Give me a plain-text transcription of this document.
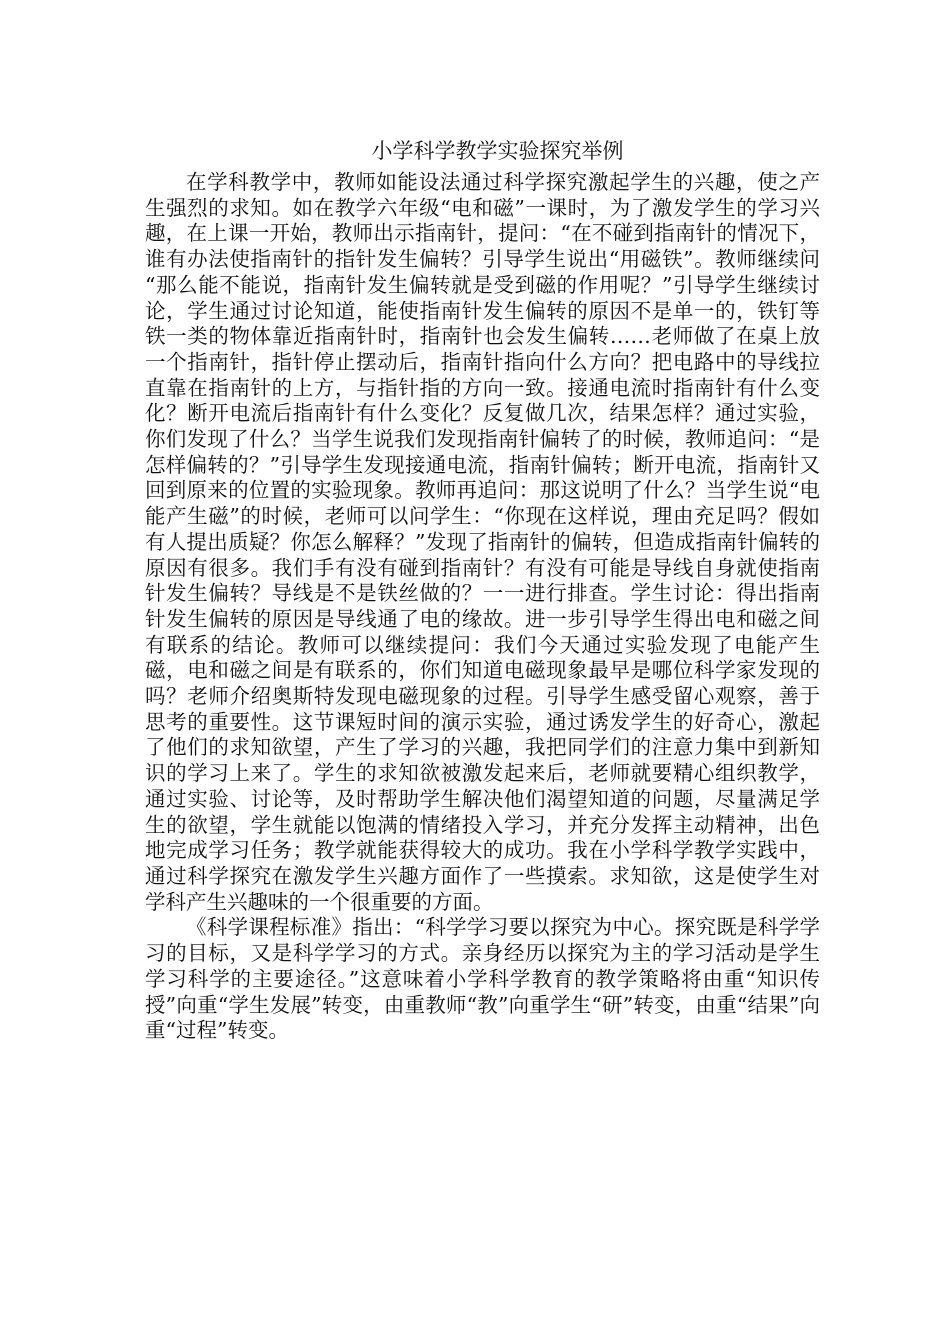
小学科学教学实验探究举例

在学科教学中，教师如能设法通过科学探究激起学生的兴趣，使之产生强烈的求知。如在教学六年级“电和磁”一课时，为了激发学生的学习兴趣，在上课一开始，教师出示指南针，提问：“在不碰到指南针的情况下，谁有办法使指南针的指针发生偏转？引导学生说出“用磁铁”。教师继续问 “那么能不能说，指南针发生偏转就是受到磁的作用呢？”引导学生继续讨论，学生通过讨论知道，能使指南针发生偏转的原因不是单一的，铁钉等铁一类的物体靠近指南针时，指南针也会发生偏转……老师做了在桌上放一个指南针，指针停止摆动后，指南针指向什么方向？把电路中的导线拉直靠在指南针的上方，与指针指的方向一致。接通电流时指南针有什么变化？断开电流后指南针有什么变化？反复做几次，结果怎样？通过实验，你们发现了什么？当学生说我们发现指南针偏转了的时候，教师追问：“是怎样偏转的？”引导学生发现接通电流，指南针偏转；断开电流，指南针又回到原来的位置的实验现象。教师再追问：那这说明了什么？当学生说“电能产生磁”的时候，老师可以问学生：“你现在这样说，理由充足吗？假如有人提出质疑？你怎么解释？”发现了指南针的偏转，但造成指南针偏转的原因有很多。我们手有没有碰到指南针？有没有可能是导线自身就使指南针发生偏转？导线是不是铁丝做的？一一进行排查。学生讨论：得出指南针发生偏转的原因是导线通了电的缘故。进一步引导学生得出电和磁之间有联系的结论。教师可以继续提问：我们今天通过实验发现了电能产生磁，电和磁之间是有联系的，你们知道电磁现象最早是哪位科学家发现的吗？老师介绍奥斯特发现电磁现象的过程。引导学生感受留心观察，善于思考的重要性。这节课短时间的演示实验，通过诱发学生的好奇心，激起了他们的求知欲望，产生了学习的兴趣，我把同学们的注意力集中到新知识的学习上来了。学生的求知欲被激发起来后，老师就要精心组织教学，通过实验、讨论等，及时帮助学生解决他们渴望知道的问题，尽量满足学生的欲望，学生就能以饱满的情绪投入学习，并充分发挥主动精神，出色地完成学习任务；教学就能获得较大的成功。我在小学科学教学实践中，通过科学探究在激发学生兴趣方面作了一些摸索。求知欲，这是使学生对学科产生兴趣味的一个很重要的方面。

《科学课程标准》指出：“科学学习要以探究为中心。探究既是科学学习的目标，又是科学学习的方式。亲身经历以探究为主的学习活动是学生学习科学的主要途径。”这意味着小学科学教育的教学策略将由重“知识传授”向重“学生发展”转变，由重教师“教”向重学生“研”转变，由重“结果”向重“过程”转变。
